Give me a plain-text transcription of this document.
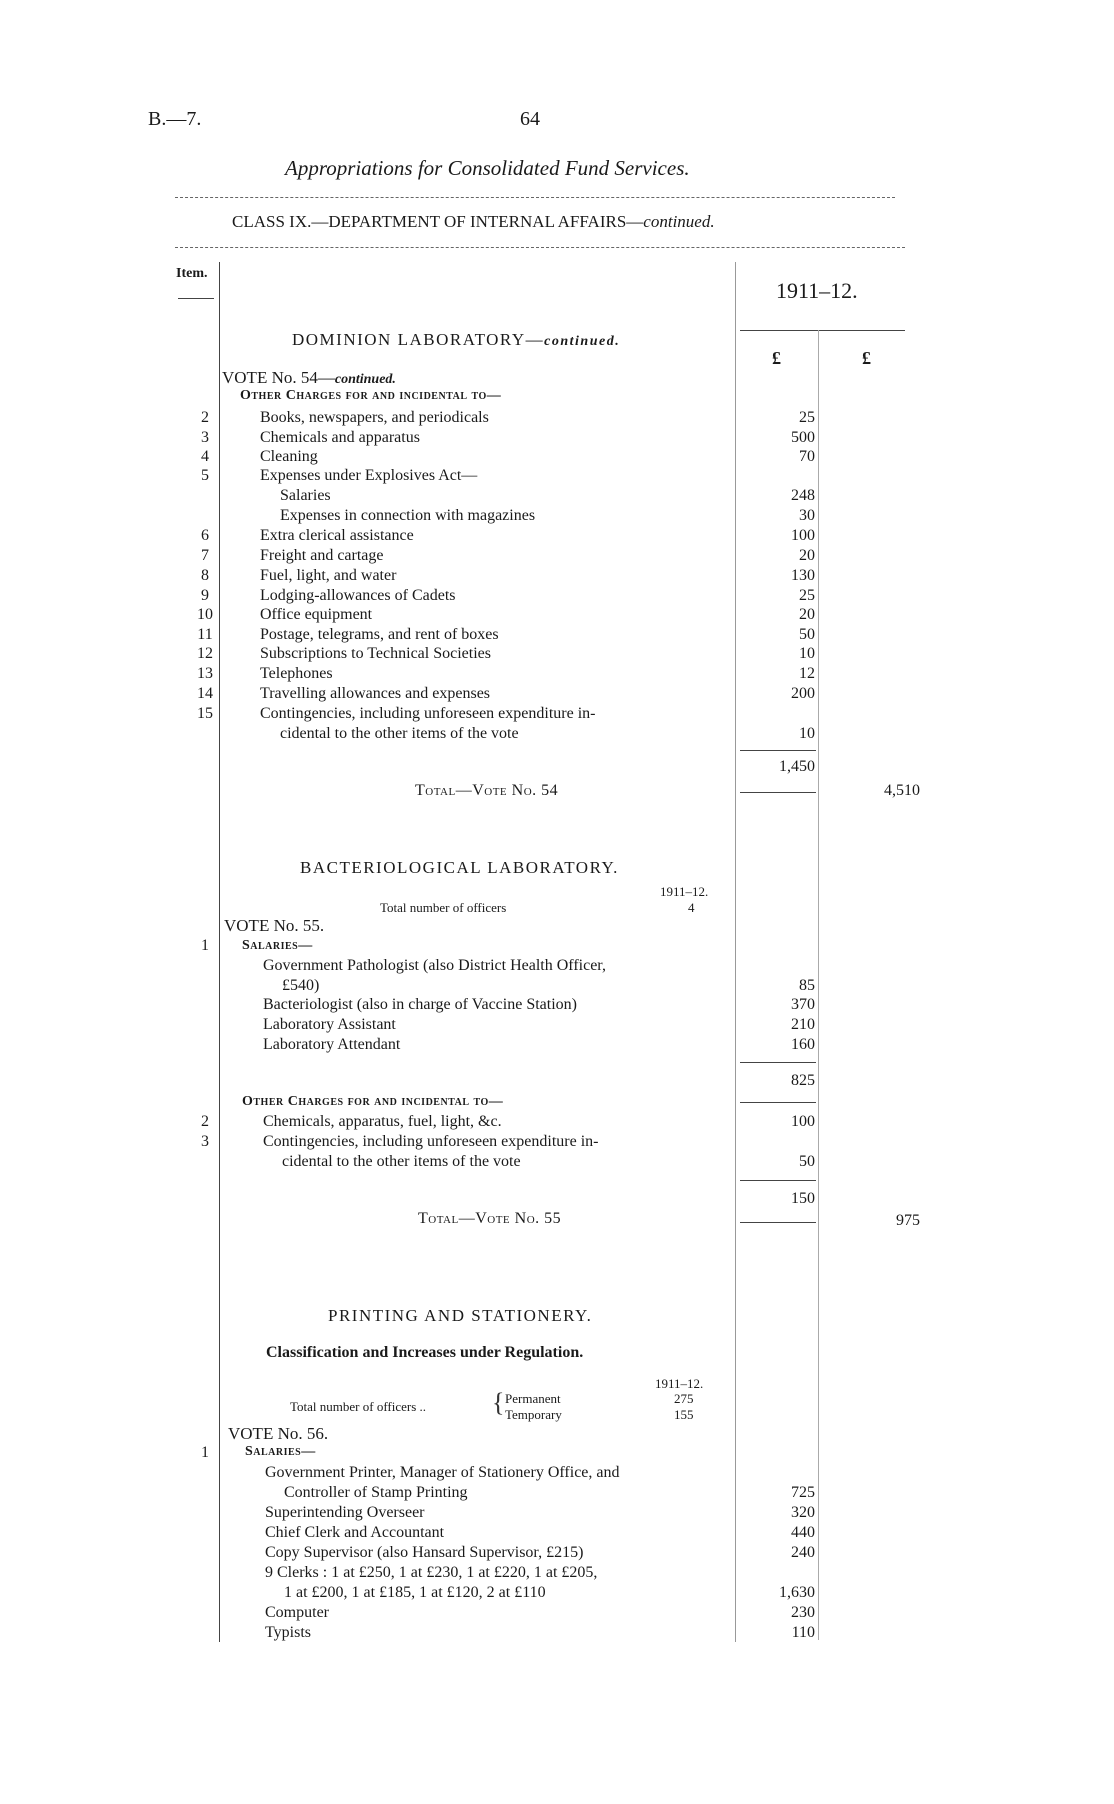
B.—7.	64
Appropriations for Consolidated Fund Services.
CLASS IX.—DEPARTMENT OF INTERNAL AFFAIRS—continued.
Item.
1911–12.
£	£
DOMINION LABORATORY—continued.
VOTE No. 54—continued.
Other Charges for and incidental to—
2	Books, newspapers, and periodicals	25
3	Chemicals and apparatus	500
4	Cleaning	70
5	Expenses under Explosives Act—
Salaries	248
Expenses in connection with magazines	30
6	Extra clerical assistance	100
7	Freight and cartage	20
8	Fuel, light, and water	130
9	Lodging-allowances of Cadets	25
10	Office equipment	20
11	Postage, telegrams, and rent of boxes	50
12	Subscriptions to Technical Societies	10
13	Telephones	12
14	Travelling allowances and expenses	200
15	Contingencies, including unforeseen expenditure in-
cidental to the other items of the vote	10
1,450
Total—Vote No. 54	4,510
BACTERIOLOGICAL LABORATORY.
1911–12.
Total number of officers	4
VOTE No. 55.
1	Salaries—
Government Pathologist (also District Health Officer,
£540)	85
Bacteriologist (also in charge of Vaccine Station)	370
Laboratory Assistant	210
Laboratory Attendant	160
825
Other Charges for and incidental to—
2	Chemicals, apparatus, fuel, light, &c.	100
3	Contingencies, including unforeseen expenditure in-
cidental to the other items of the vote	50
150
Total—Vote No. 55	975
PRINTING AND STATIONERY.
Classification and Increases under Regulation.
1911–12.
Total number of officers ..	{ Permanent	275
Temporary	155
VOTE No. 56.
1	Salaries—
Government Printer, Manager of Stationery Office, and
Controller of Stamp Printing	725
Superintending Overseer	320
Chief Clerk and Accountant	440
Copy Supervisor (also Hansard Supervisor, £215)	240
9 Clerks : 1 at £250, 1 at £230, 1 at £220, 1 at £205,
1 at £200, 1 at £185, 1 at £120, 2 at £110	1,630
Computer	230
Typists	110
